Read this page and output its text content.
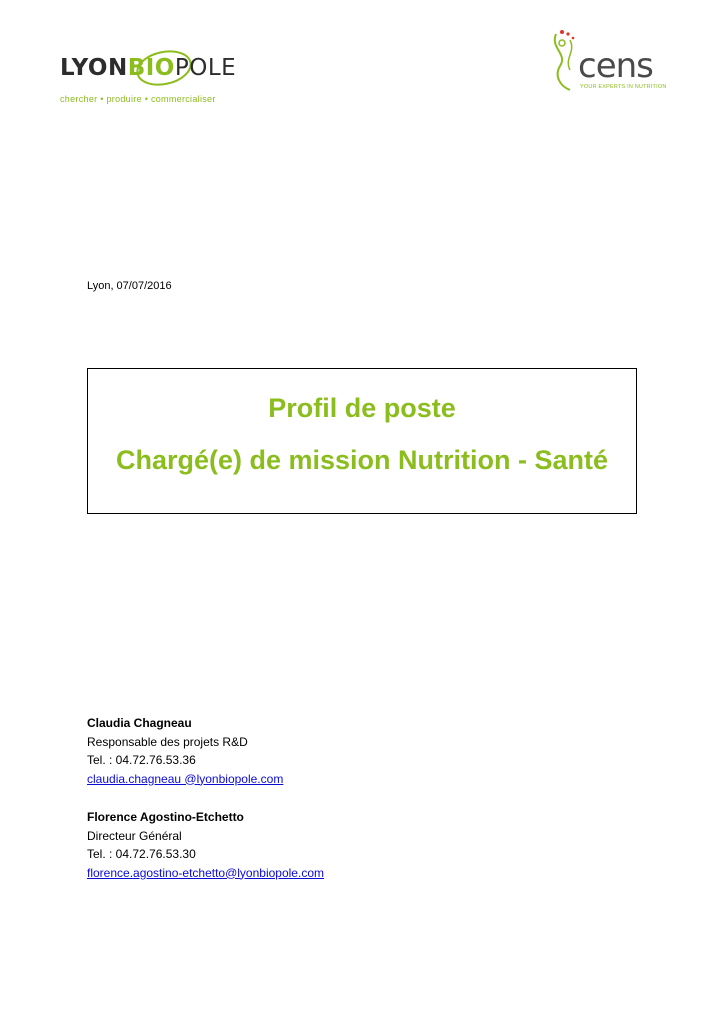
LYONBIOPOLE
chercher • produire • commercialiser
cens
YOUR EXPERTS IN NUTRITION
Lyon, 07/07/2016
Profil de poste
Chargé(e) de mission Nutrition - Santé
Claudia Chagneau
Responsable des projets R&D
Tel. : 04.72.76.53.36
claudia.chagneau @lyonbiopole.com
Florence Agostino-Etchetto
Directeur Général
Tel. : 04.72.76.53.30
florence.agostino-etchetto@lyonbiopole.com
